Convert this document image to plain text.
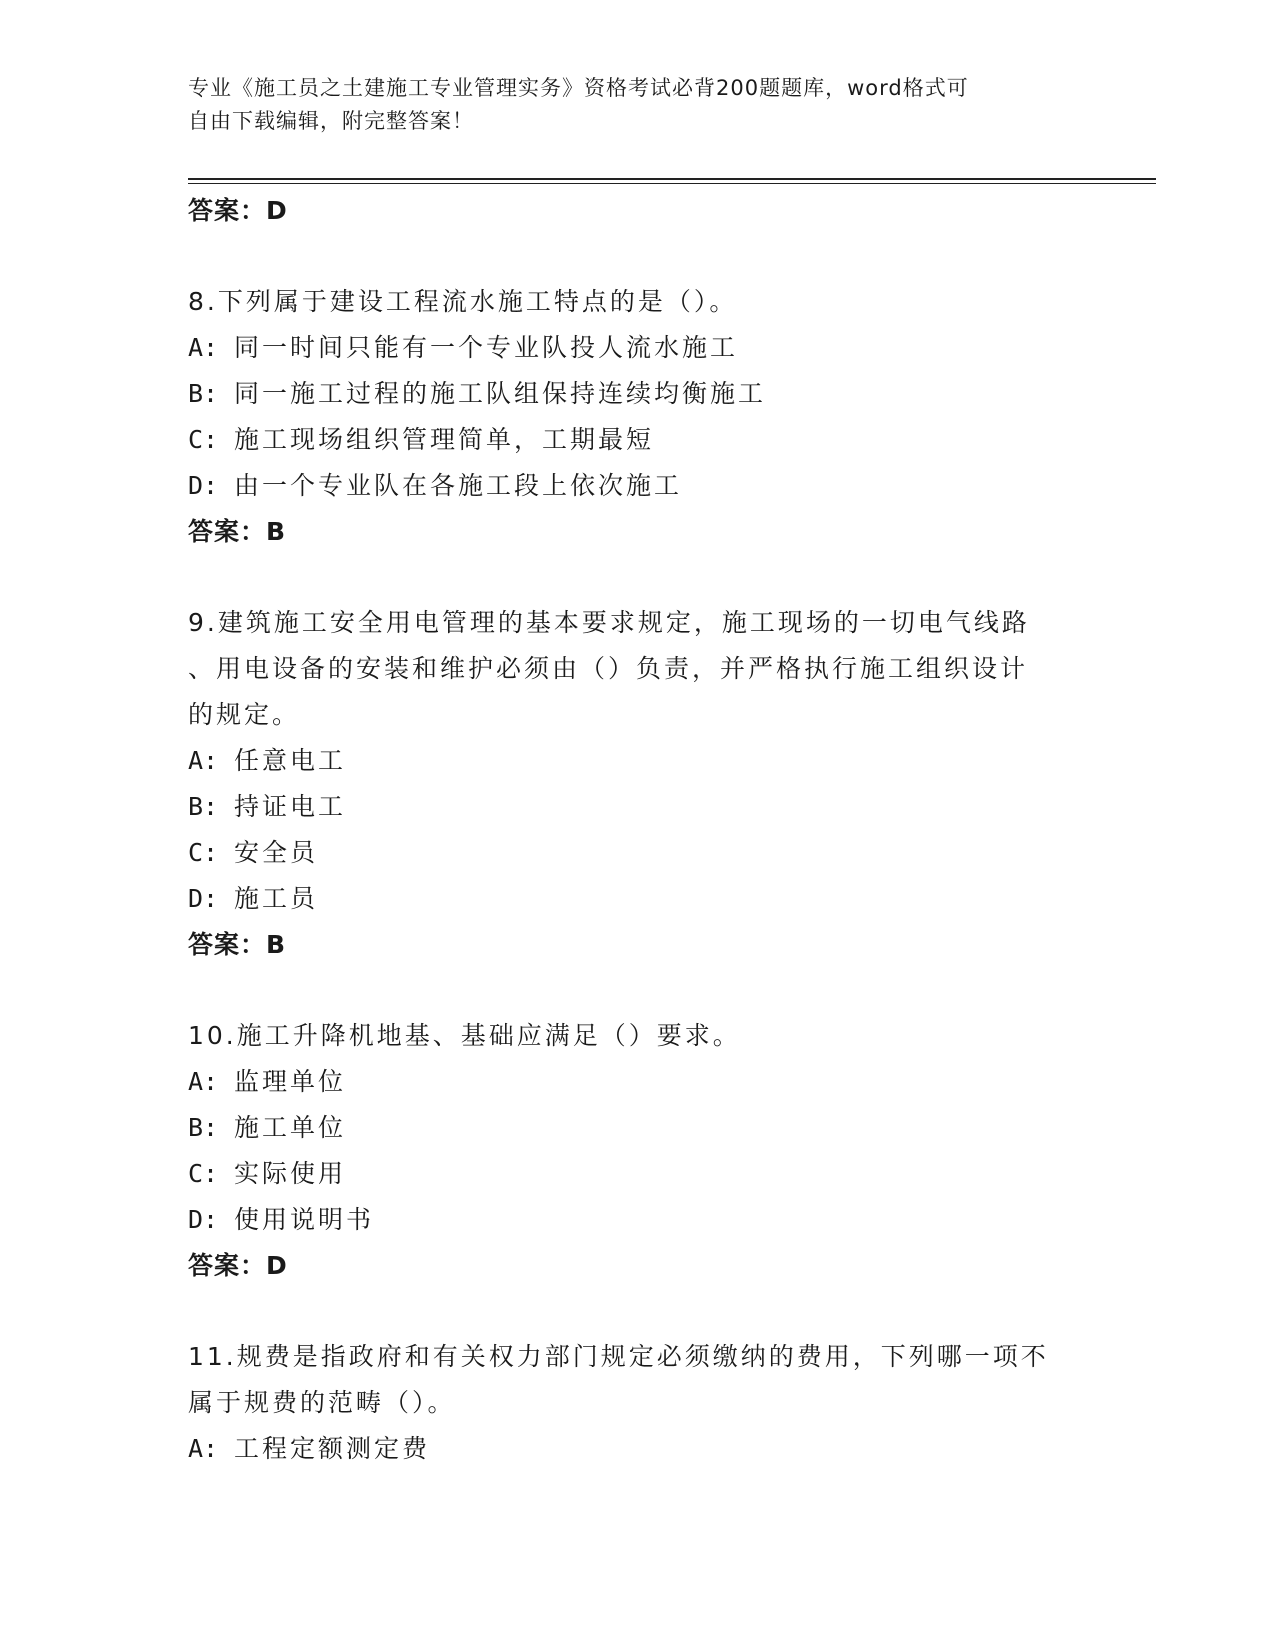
专业《施工员之土建施工专业管理实务》资格考试必背200题题库，word格式可
自由下载编辑，附完整答案！
答案：D
8.下列属于建设工程流水施工特点的是（）。
A: 同一时间只能有一个专业队投人流水施工
B: 同一施工过程的施工队组保持连续均衡施工
C: 施工现场组织管理简单，工期最短
D: 由一个专业队在各施工段上依次施工
答案：B
9.建筑施工安全用电管理的基本要求规定，施工现场的一切电气线路
、用电设备的安装和维护必须由（）负责，并严格执行施工组织设计
的规定。
A: 任意电工
B: 持证电工
C: 安全员
D: 施工员
答案：B
10.施工升降机地基、基础应满足（）要求。
A: 监理单位
B: 施工单位
C: 实际使用
D: 使用说明书
答案：D
11.规费是指政府和有关权力部门规定必须缴纳的费用，下列哪一项不
属于规费的范畴（）。
A: 工程定额测定费
